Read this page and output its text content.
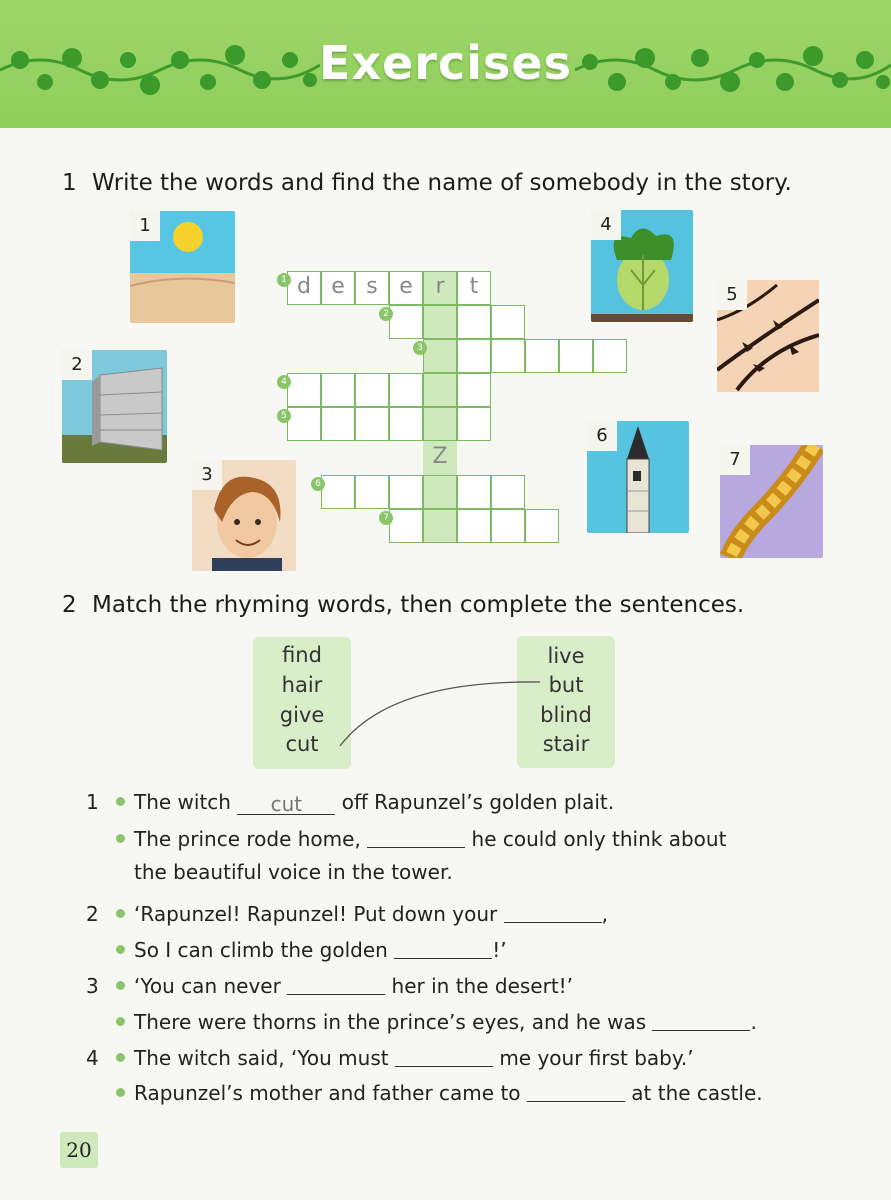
Exercises
1 Write the words and find the name of somebody in the story.
1
2
3
4
5
6
7
d e s e	r	t
1
2
3
4
5
Z
6
7
2 Match the rhyming words, then complete the sentences.
find
hair
give
cut
live
but
blind
stair
1 The witch cut off Rapunzel’s golden plait.
The prince rode home,	he could only think about
the beautiful voice in the tower.
2 ‘Rapunzel! Rapunzel! Put down your	,
So I can climb the golden	!’
3 ‘You can never	her in the desert!’
There were thorns in the prince’s eyes, and he was	.
4 The witch said, ‘You must	me your first baby.’
Rapunzel’s mother and father came to	at the castle.
20
